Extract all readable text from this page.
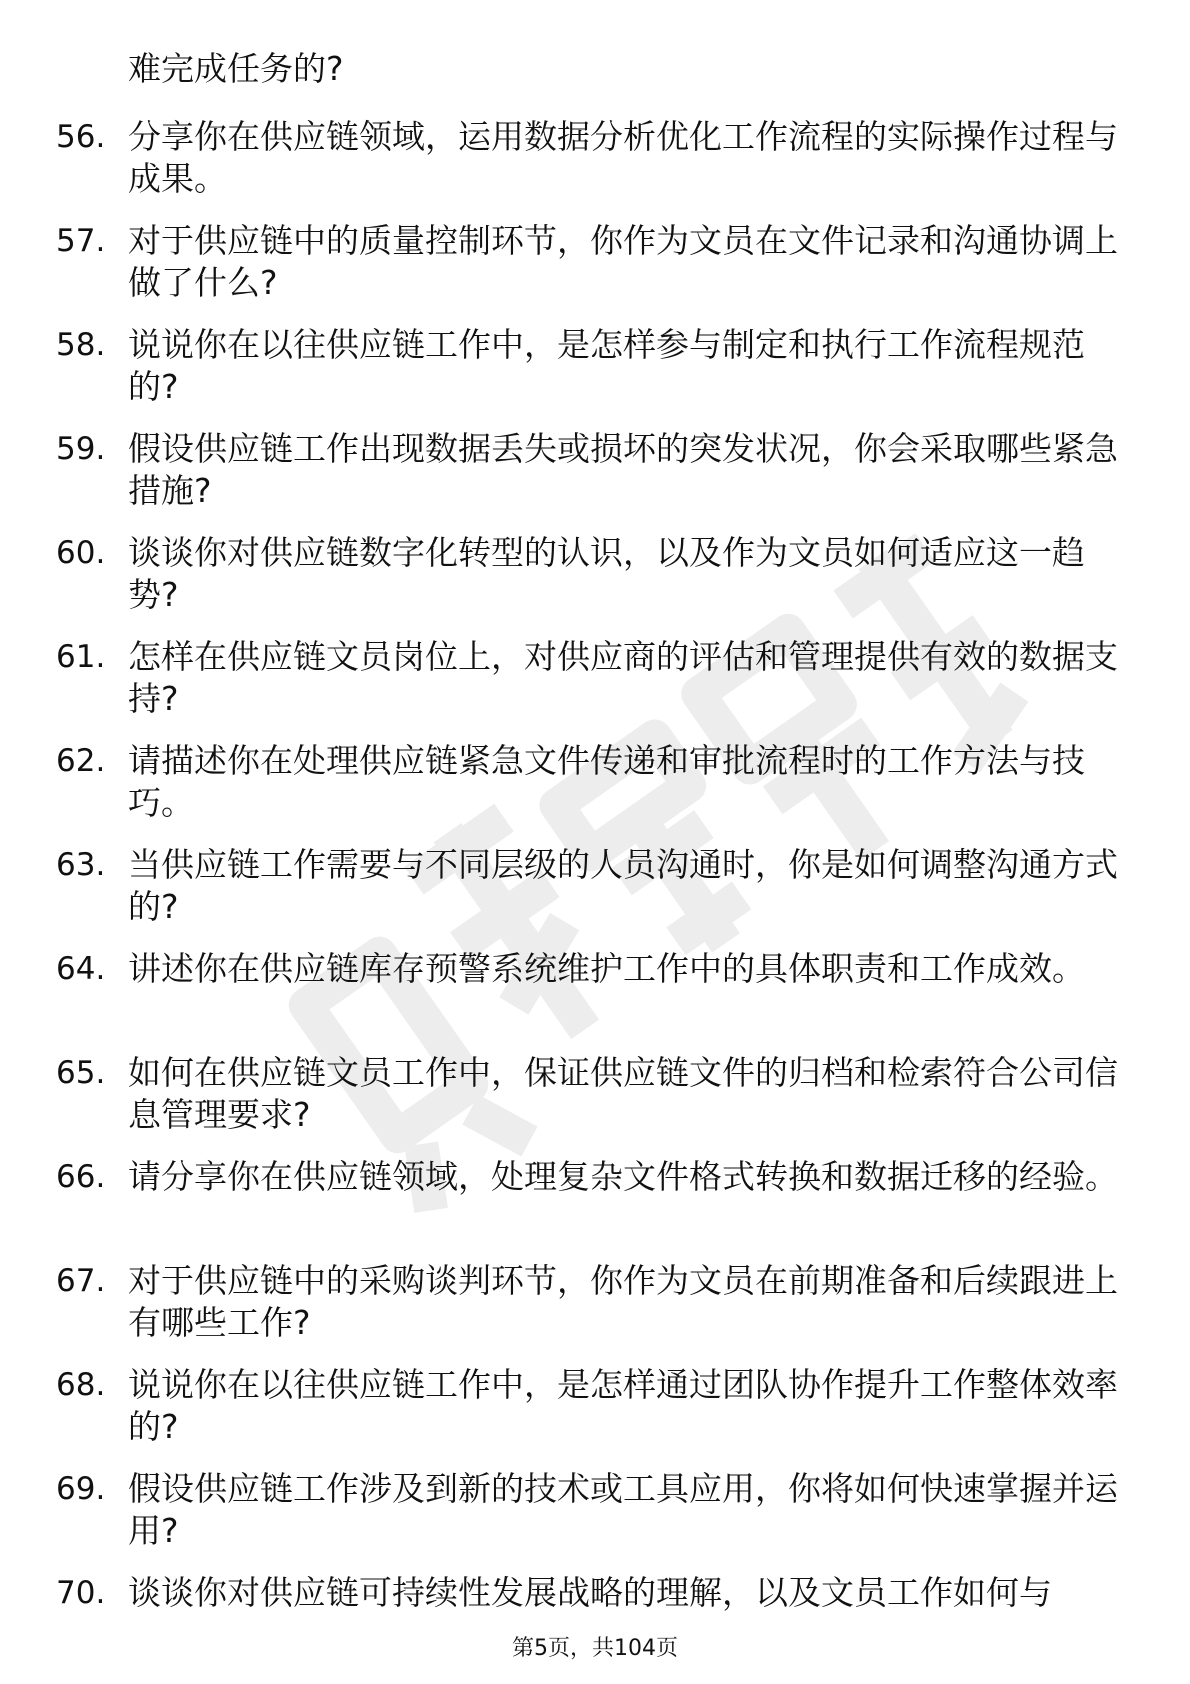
难完成任务的?

56. 分享你在供应链领域，运用数据分析优化工作流程的实际操作过程与成果。
57. 对于供应链中的质量控制环节，你作为文员在文件记录和沟通协调上做了什么?
58. 说说你在以往供应链工作中，是怎样参与制定和执行工作流程规范的?
59. 假设供应链工作出现数据丢失或损坏的突发状况，你会采取哪些紧急措施?
60. 谈谈你对供应链数字化转型的认识，以及作为文员如何适应这一趋势?
61. 怎样在供应链文员岗位上，对供应商的评估和管理提供有效的数据支持?
62. 请描述你在处理供应链紧急文件传递和审批流程时的工作方法与技巧。
63. 当供应链工作需要与不同层级的人员沟通时，你是如何调整沟通方式的?
64. 讲述你在供应链库存预警系统维护工作中的具体职责和工作成效。
65. 如何在供应链文员工作中，保证供应链文件的归档和检索符合公司信息管理要求?
66. 请分享你在供应链领域，处理复杂文件格式转换和数据迁移的经验。
67. 对于供应链中的采购谈判环节，你作为文员在前期准备和后续跟进上有哪些工作?
68. 说说你在以往供应链工作中，是怎样通过团队协作提升工作整体效率的?
69. 假设供应链工作涉及到新的技术或工具应用，你将如何快速掌握并运用?
70. 谈谈你对供应链可持续性发展战略的理解，以及文员工作如何与
第5页，共104页
